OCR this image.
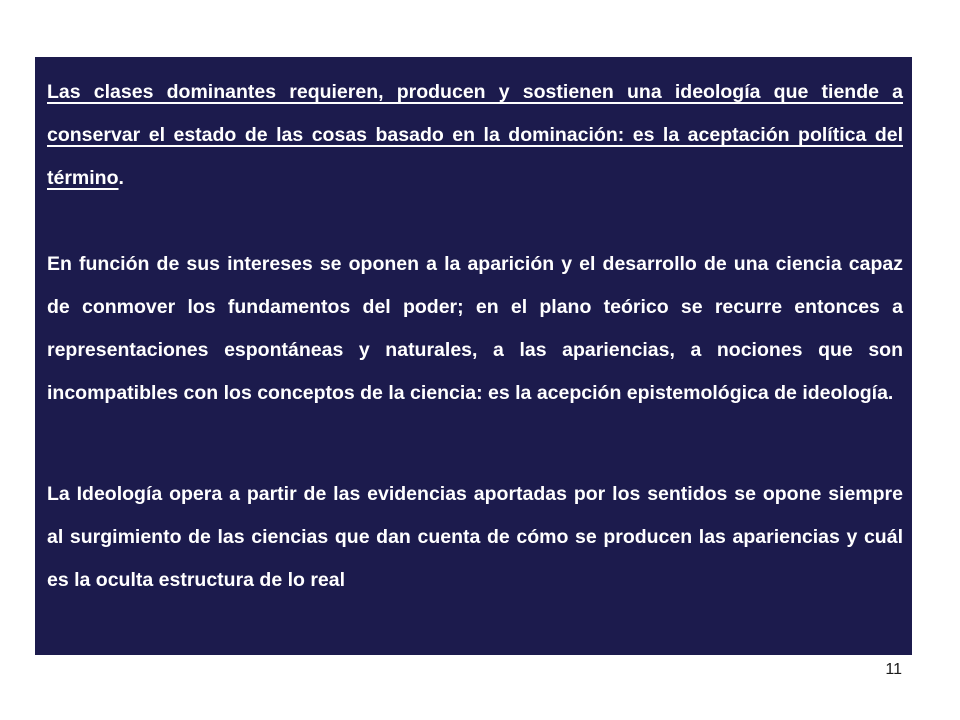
Las clases dominantes requieren, producen y sostienen una ideología que tiende a conservar el estado de las cosas basado en la dominación: es la aceptación política del término.

En función de sus intereses se oponen a la aparición y el desarrollo de una ciencia capaz de conmover los fundamentos del poder; en el plano teórico se recurre entonces a representaciones espontáneas y naturales, a las apariencias, a nociones que son incompatibles con los conceptos de la ciencia: es la acepción epistemológica de ideología.

La Ideología opera a partir de las evidencias aportadas por los sentidos se opone siempre al surgimiento de las ciencias que dan cuenta de cómo se producen las apariencias y cuál es la oculta estructura de lo real

11
